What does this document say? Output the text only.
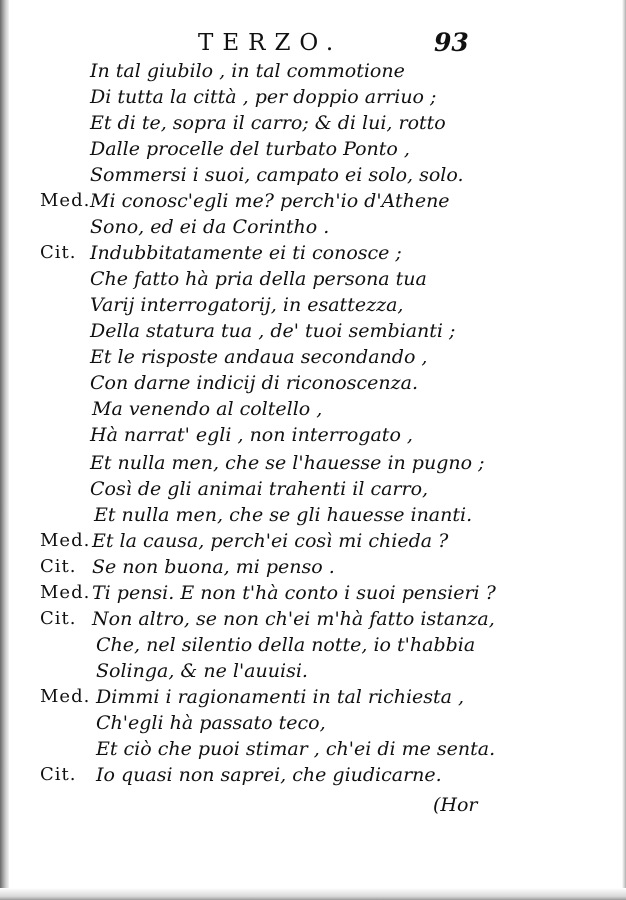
TERZO.	93
In tal giubilo , in tal commotione
Di tutta la città , per doppio arriuo ;
Et di te, sopra il carro; & di lui, rotto
Dalle procelle del turbato Ponto ,
Sommersi i suoi, campato ei solo, solo.
Med. Mi conosc'egli me? perch'io d'Athene
Sono, ed ei da Corintho .
Cit. Indubbitatamente ei ti conosce ;
Che fatto hà pria della persona tua
Varij interrogatorij, in esattezza,
Della statura tua , de' tuoi sembianti ;
Et le risposte andaua secondando ,
Con darne indicij di riconoscenza.
Ma venendo al coltello ,
Hà narrat' egli , non interrogato ,
Et nulla men, che se l'hauesse in pugno ;
Così de gli animai trahenti il carro,
Et nulla men, che se gli hauesse inanti.
Med. Et la causa, perch'ei così mi chieda ?
Cit. Se non buona, mi penso .
Med. Ti pensi. E non t'hà conto i suoi pensieri ?
Cit. Non altro, se non ch'ei m'hà fatto istanza,
Che, nel silentio della notte, io t'habbia
Solinga, & ne l'auuisi.
Med. Dimmi i ragionamenti in tal richiesta ,
Ch'egli hà passato teco,
Et ciò che puoi stimar , ch'ei di me senta.
Cit. Io quasi non saprei, che giudicarne.
(Hor
